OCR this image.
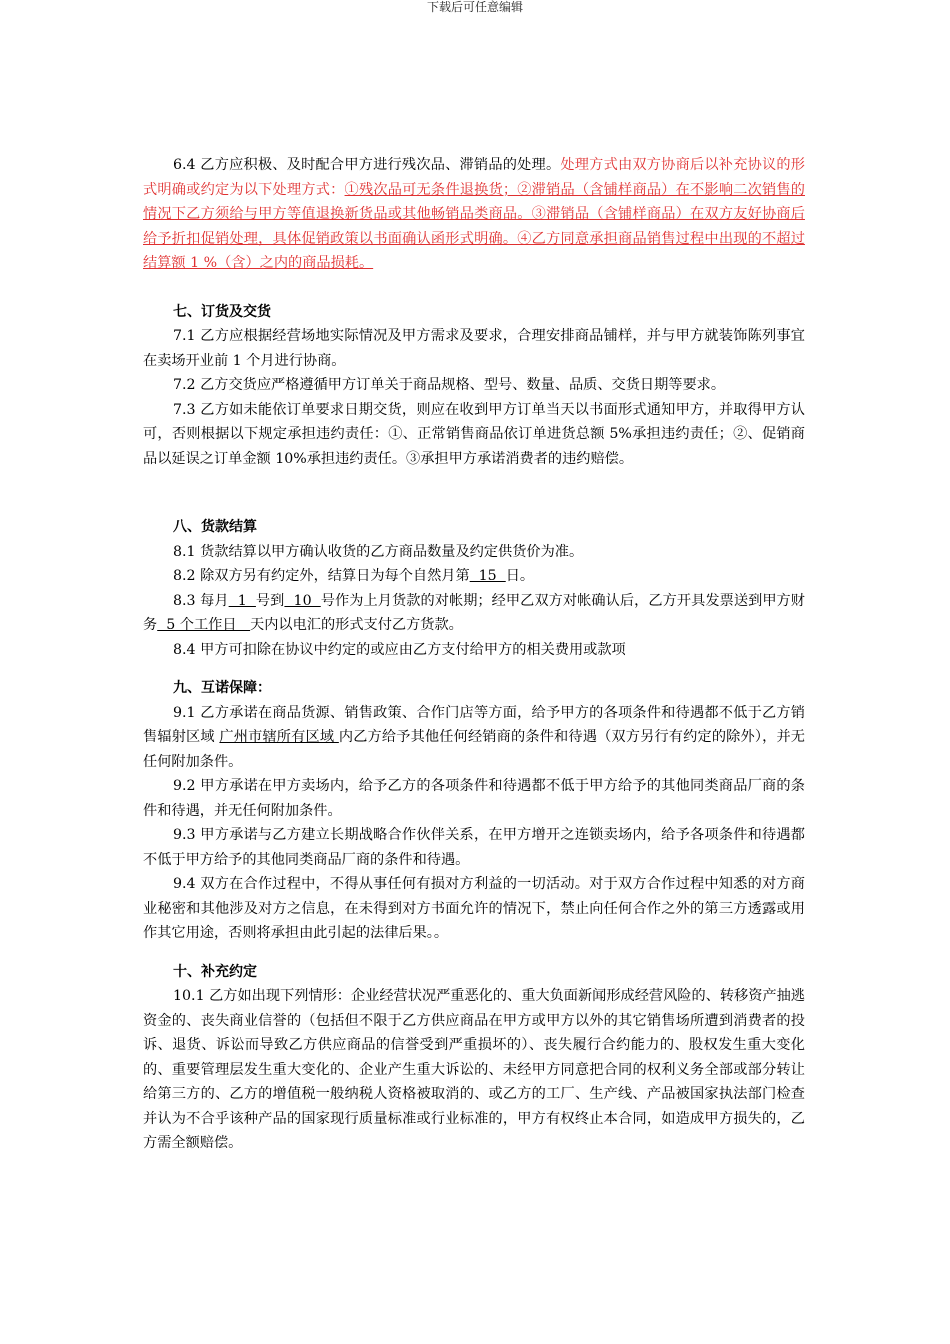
下载后可任意编辑

6.4 乙方应积极、及时配合甲方进行残次品、滞销品的处理。处理方式由双方协商后以补充协议的形式明确或约定为以下处理方式：①残次品可无条件退换货；②滞销品（含铺样商品）在不影响二次销售的情况下乙方须给与甲方等值退换新货品或其他畅销品类商品。③滞销品（含铺样商品）在双方友好协商后给予折扣促销处理，具体促销政策以书面确认函形式明确。④乙方同意承担商品销售过程中出现的不超过结算额 1 %（含）之内的商品损耗。

七、订货及交货

7.1 乙方应根据经营场地实际情况及甲方需求及要求，合理安排商品铺样，并与甲方就装饰陈列事宜在卖场开业前 1 个月进行协商。

7.2 乙方交货应严格遵循甲方订单关于商品规格、型号、数量、品质、交货日期等要求。

7.3 乙方如未能依订单要求日期交货，则应在收到甲方订单当天以书面形式通知甲方，并取得甲方认可，否则根据以下规定承担违约责任：①、正常销售商品依订单进货总额 5%承担违约责任；②、促销商品以延误之订单金额 10%承担违约责任。③承担甲方承诺消费者的违约赔偿。

八、货款结算

8.1 货款结算以甲方确认收货的乙方商品数量及约定供货价为准。

8.2 除双方另有约定外，结算日为每个自然月第  15  日。

8.3 每月  1  号到  10  号作为上月货款的对帐期；经甲乙双方对帐确认后，乙方开具发票送到甲方财务  5 个工作日   天内以电汇的形式支付乙方货款。

8.4 甲方可扣除在协议中约定的或应由乙方支付给甲方的相关费用或款项

九、互诺保障：

9.1 乙方承诺在商品货源、销售政策、合作门店等方面，给予甲方的各项条件和待遇都不低于乙方销售辐射区域 广州市辖所有区域 内乙方给予其他任何经销商的条件和待遇（双方另行有约定的除外），并无任何附加条件。

9.2 甲方承诺在甲方卖场内，给予乙方的各项条件和待遇都不低于甲方给予的其他同类商品厂商的条件和待遇，并无任何附加条件。

9.3 甲方承诺与乙方建立长期战略合作伙伴关系，在甲方增开之连锁卖场内，给予各项条件和待遇都不低于甲方给予的其他同类商品厂商的条件和待遇。

9.4 双方在合作过程中，不得从事任何有损对方利益的一切活动。对于双方合作过程中知悉的对方商业秘密和其他涉及对方之信息，在未得到对方书面允许的情况下，禁止向任何合作之外的第三方透露或用作其它用途，否则将承担由此引起的法律后果。。

十、补充约定

10.1 乙方如出现下列情形：企业经营状况严重恶化的、重大负面新闻形成经营风险的、转移资产抽逃资金的、丧失商业信誉的（包括但不限于乙方供应商品在甲方或甲方以外的其它销售场所遭到消费者的投诉、退货、诉讼而导致乙方供应商品的信誉受到严重损坏的）、丧失履行合约能力的、股权发生重大变化的、重要管理层发生重大变化的、企业产生重大诉讼的、未经甲方同意把合同的权利义务全部或部分转让给第三方的、乙方的增值税一般纳税人资格被取消的、或乙方的工厂、生产线、产品被国家执法部门检查并认为不合乎该种产品的国家现行质量标准或行业标准的，甲方有权终止本合同，如造成甲方损失的，乙方需全额赔偿。
